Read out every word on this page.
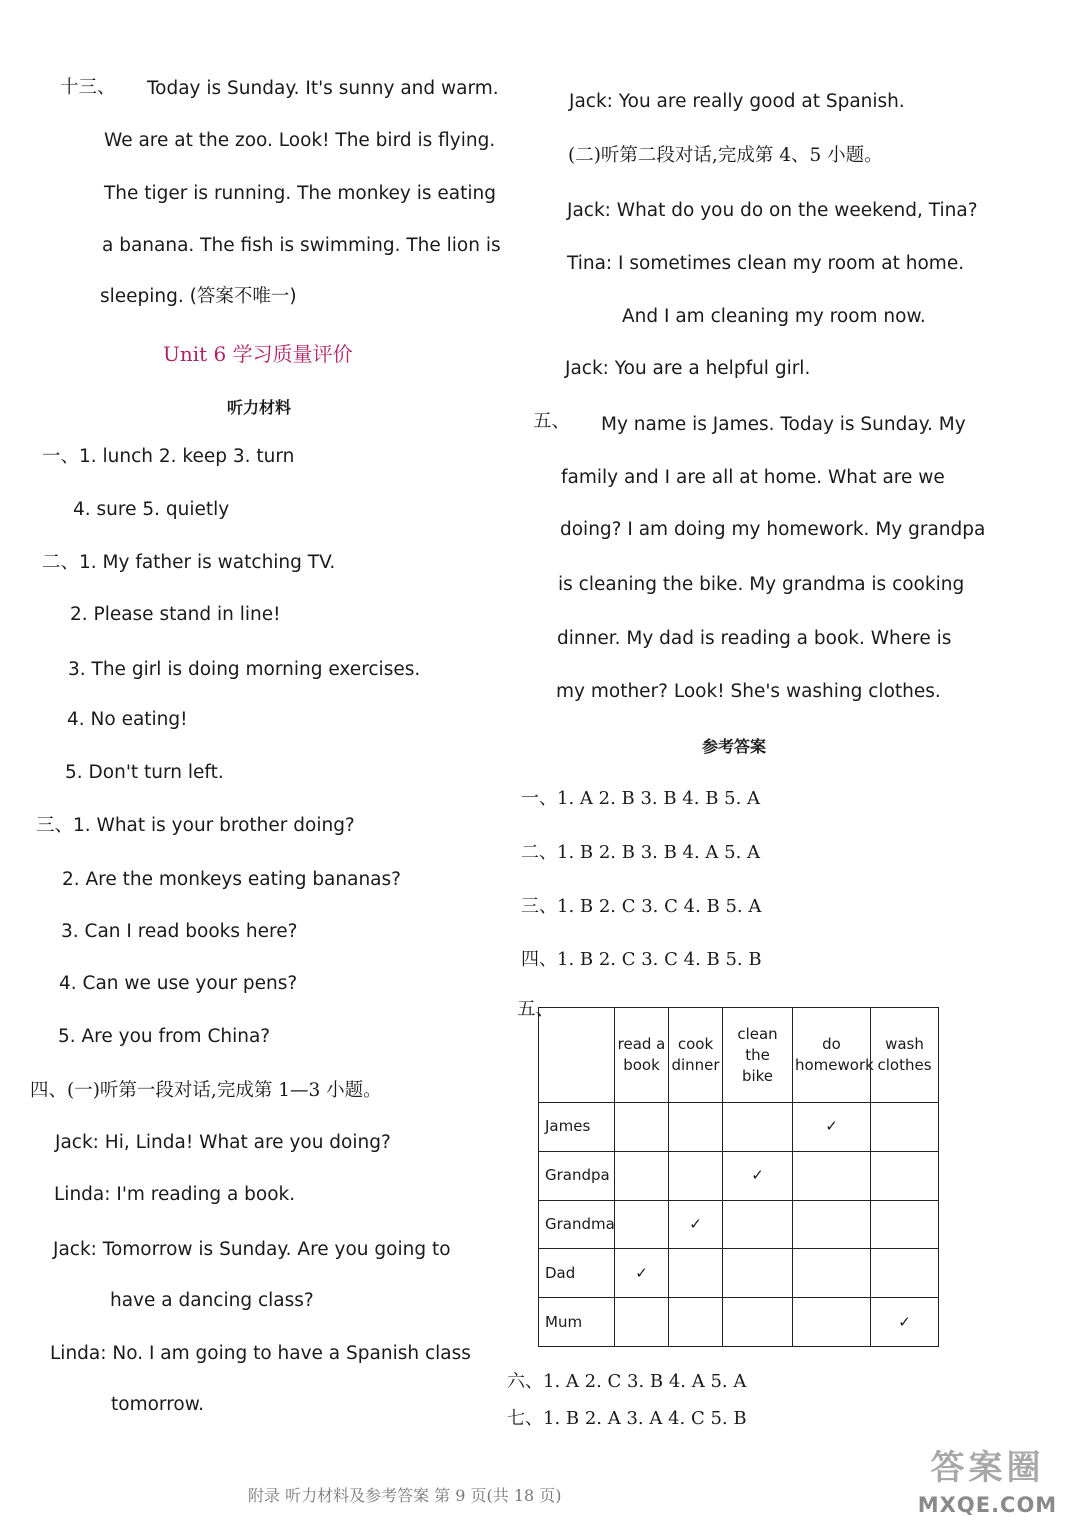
十三、 Today is Sunday. It's sunny and warm.
We are at the zoo. Look! The bird is flying.
The tiger is running. The monkey is eating
a banana. The fish is swimming. The lion is
sleeping. (答案不唯一)
Unit 6 学习质量评价
听力材料
一、1. lunch 2. keep 3. turn
4. sure 5. quietly
二、1. My father is watching TV.
2. Please stand in line!
3. The girl is doing morning exercises.
4. No eating!
5. Don't turn left.
三、1. What is your brother doing?
2. Are the monkeys eating bananas?
3. Can I read books here?
4. Can we use your pens?
5. Are you from China?
四、(一)听第一段对话,完成第 1—3 小题。
Jack: Hi, Linda! What are you doing?
Linda: I'm reading a book.
Jack: Tomorrow is Sunday. Are you going to
have a dancing class?
Linda: No. I am going to have a Spanish class
tomorrow.
Jack: You are really good at Spanish.
(二)听第二段对话,完成第 4、5 小题。
Jack: What do you do on the weekend, Tina?
Tina: I sometimes clean my room at home.
And I am cleaning my room now.
Jack: You are a helpful girl.
五、 My name is James. Today is Sunday. My
family and I are all at home. What are we
doing? I am doing my homework. My grandpa
is cleaning the bike. My grandma is cooking
dinner. My dad is reading a book. Where is
my mother? Look! She's washing clothes.
参考答案
一、1. A 2. B 3. B 4. B 5. A
二、1. B 2. B 3. B 4. A 5. A
三、1. B 2. C 3. C 4. B 5. A
四、1. B 2. C 3. C 4. B 5. B
五、
	read a
book	cook
dinner	clean the
bike	do
homework	wash
clothes
James				✓	
Grandpa			✓		
Grandma		✓			
Dad	✓				
Mum					✓
六、1. A 2. C 3. B 4. A 5. A
七、1. B 2. A 3. A 4. C 5. B
附录 听力材料及参考答案 第 9 页(共 18 页)
答案圈
MXQE.COM
